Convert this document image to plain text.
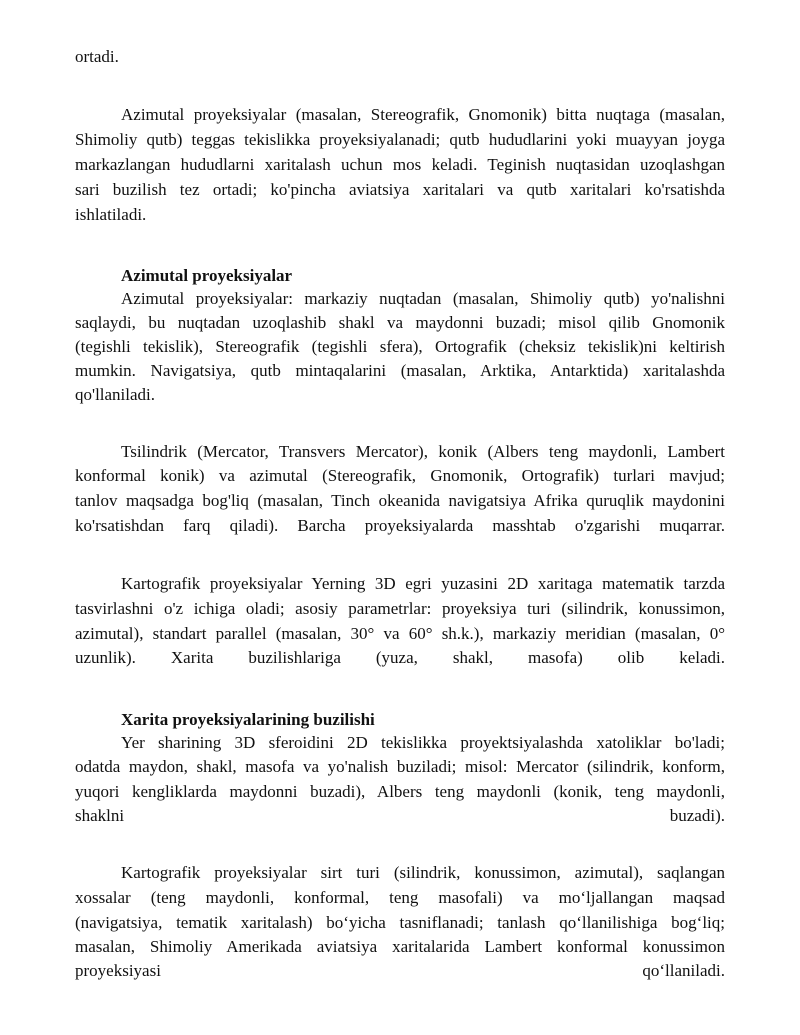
ortadi.
Azimutal proyeksiyalar (masalan, Stereografik, Gnomonik) bitta nuqtaga (masalan,
Shimoliy qutb) teggas tekislikka proyeksiyalanadi; qutb hududlarini yoki muayyan joyga
markazlangan hududlarni xaritalash uchun mos keladi. Teginish nuqtasidan uzoqlashgan
sari buzilish tez ortadi; ko'pincha aviatsiya xaritalari va qutb xaritalari ko'rsatishda
ishlatiladi.
Azimutal proyeksiyalar
Azimutal proyeksiyalar: markaziy nuqtadan (masalan, Shimoliy qutb) yo'nalishni
saqlaydi, bu nuqtadan uzoqlashib shakl va maydonni buzadi; misol qilib Gnomonik
(tegishli tekislik), Stereografik (tegishli sfera), Ortografik (cheksiz tekislik)ni keltirish
mumkin. Navigatsiya, qutb mintaqalarini (masalan, Arktika, Antarktida) xaritalashda
qo'llaniladi.
Tsilindrik (Mercator, Transvers Mercator), konik (Albers teng maydonli, Lambert
konformal konik) va azimutal (Stereografik, Gnomonik, Ortografik) turlari mavjud;
tanlov maqsadga bog'liq (masalan, Tinch okeanida navigatsiya Afrika quruqlik maydonini
ko'rsatishdan farq qiladi). Barcha proyeksiyalarda masshtab o'zgarishi muqarrar.
Kartografik proyeksiyalar Yerning 3D egri yuzasini 2D xaritaga matematik tarzda
tasvirlashni o'z ichiga oladi; asosiy parametrlar: proyeksiya turi (silindrik, konussimon,
azimutal), standart parallel (masalan, 30° va 60° sh.k.), markaziy meridian (masalan, 0°
uzunlik). Xarita buzilishlariga (yuza, shakl, masofa) olib keladi.
Xarita proyeksiyalarining buzilishi
Yer sharining 3D sferoidini 2D tekislikka proyektsiyalashda xatoliklar bo'ladi;
odatda maydon, shakl, masofa va yo'nalish buziladi; misol: Mercator (silindrik, konform,
yuqori kengliklarda maydonni buzadi), Albers teng maydonli (konik, teng maydonli,
shaklni	buzadi).
Kartografik proyeksiyalar sirt turi (silindrik, konussimon, azimutal), saqlangan
xossalar (teng maydonli, konformal, teng masofali) va mo‘ljallangan maqsad
(navigatsiya, tematik xaritalash) bo‘yicha tasniflanadi; tanlash qo‘llanilishiga bog‘liq;
masalan, Shimoliy Amerikada aviatsiya xaritalarida Lambert konformal konussimon
proyeksiyasi	qo‘llaniladi.
